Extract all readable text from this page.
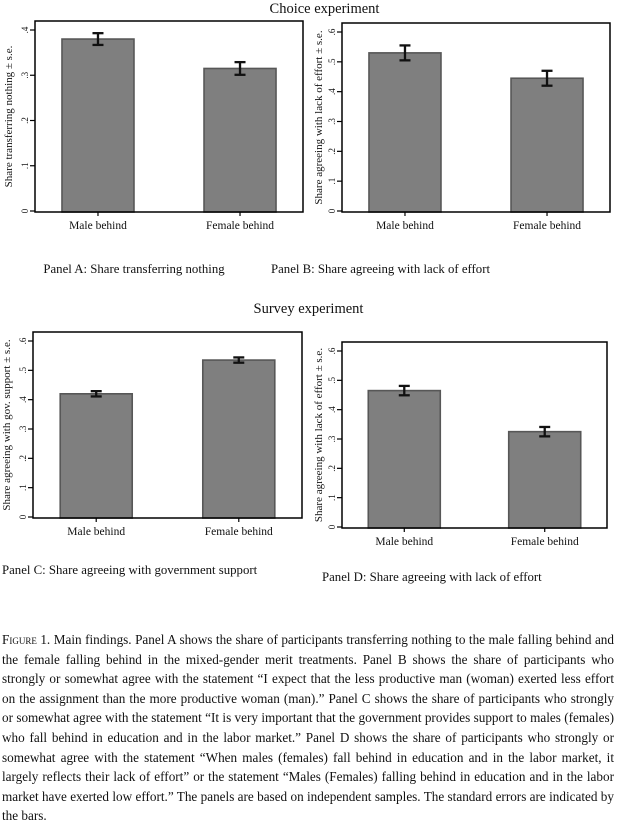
Choice experiment
Share transferring nothing ± s.e.
0
.1
.2
.3
.4
Male behind	Female behind
Share agreeing with lack of effort ± s.e.
0
.1
.2
.3
.4
.5
.6
Male behind	Female behind
Share agreeing with gov. support ± s.e.
0
.1
.2
.3
.4
.5
.6
Male behind	Female behind
Share agreeing with lack of effort ± s.e.
0
.1
.2
.3
.4
.5
.6
Male behind	Female behind
Survey experiment
Panel A: Share transferring nothing	Panel B: Share agreeing with lack of effort
Panel C: Share agreeing with government support	Panel D: Share agreeing with lack of effort
Figure 1. Main findings. Panel A shows the share of participants transferring nothing to the male falling behind and the female falling behind in the mixed-gender merit treatments. Panel B shows the share of participants who strongly or somewhat agree with the statement “I expect that the less productive man (woman) exerted less effort on the assignment than the more productive woman (man).” Panel C shows the share of participants who strongly or somewhat agree with the statement “It is very important that the government provides support to males (females) who fall behind in education and in the labor market.” Panel D shows the share of participants who strongly or somewhat agree with the statement “When males (females) fall behind in education and in the labor market, it largely reflects their lack of effort” or the statement “Males (Females) falling behind in education and in the labor market have exerted low effort.” The panels are based on independent samples. The standard errors are indicated by the bars.
